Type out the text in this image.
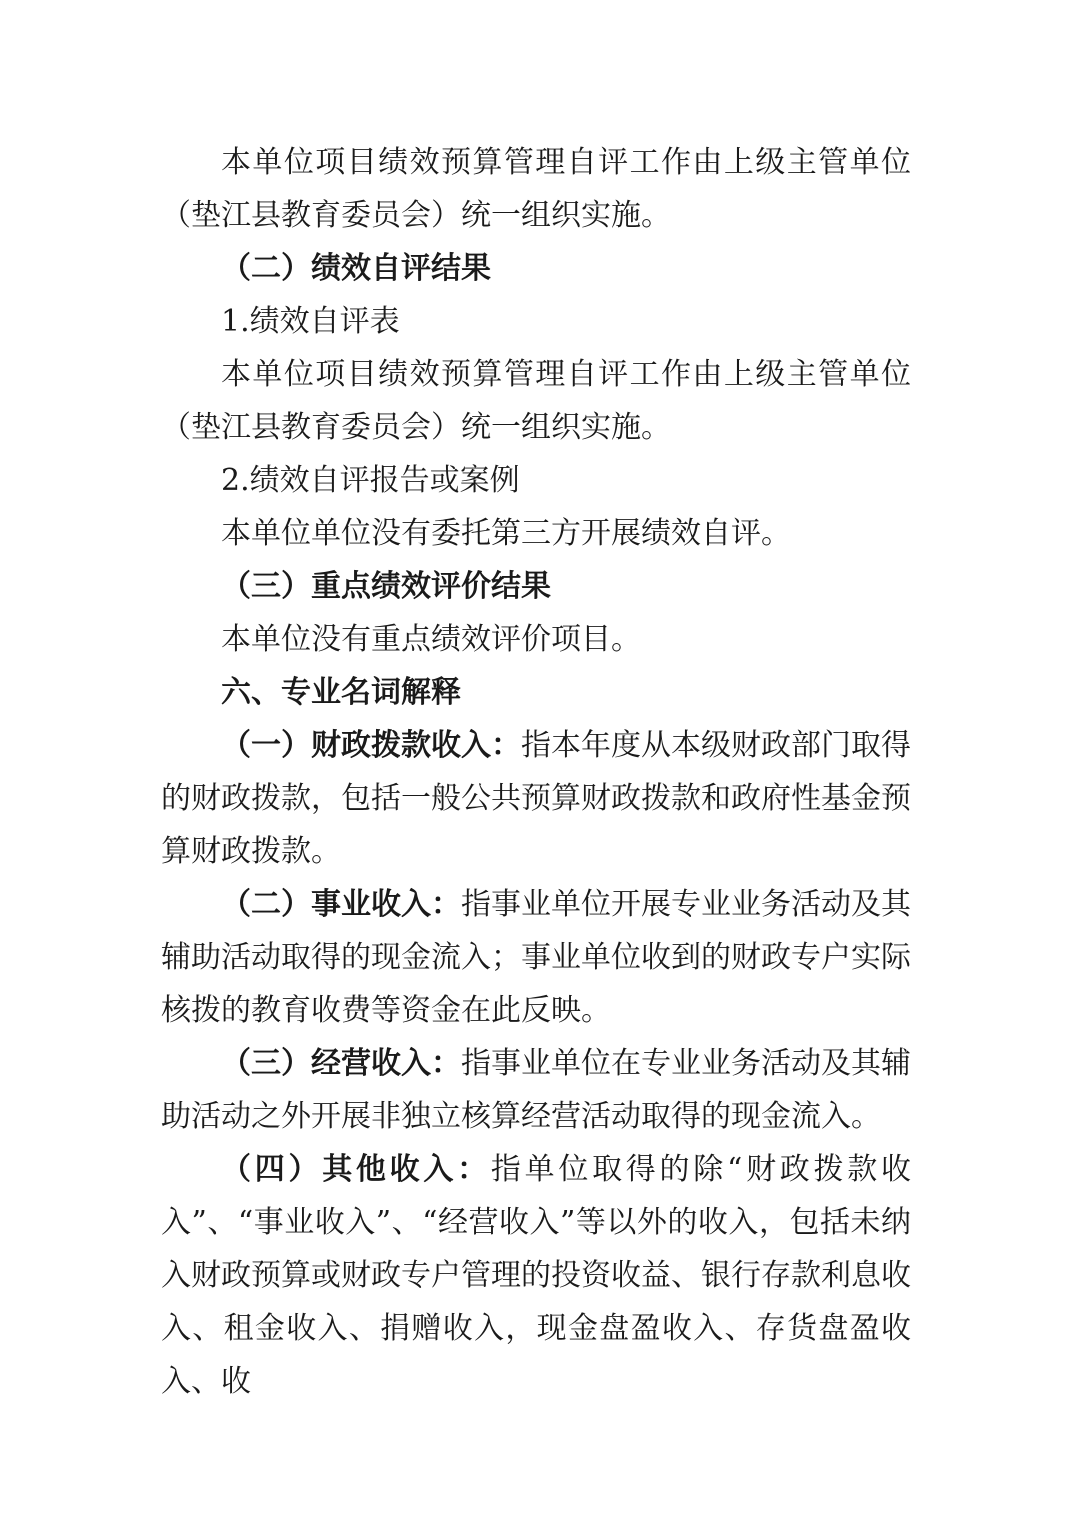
本单位项目绩效预算管理自评工作由上级主管单位（垫江县教育委员会）统一组织实施。

（二）绩效自评结果

1.绩效自评表

本单位项目绩效预算管理自评工作由上级主管单位（垫江县教育委员会）统一组织实施。

2.绩效自评报告或案例

本单位单位没有委托第三方开展绩效自评。

（三）重点绩效评价结果

本单位没有重点绩效评价项目。

六、专业名词解释

（一）财政拨款收入：指本年度从本级财政部门取得的财政拨款，包括一般公共预算财政拨款和政府性基金预算财政拨款。

（二）事业收入：指事业单位开展专业业务活动及其辅助活动取得的现金流入；事业单位收到的财政专户实际核拨的教育收费等资金在此反映。

（三）经营收入：指事业单位在专业业务活动及其辅助活动之外开展非独立核算经营活动取得的现金流入。

（四）其他收入：指单位取得的除“财政拨款收入”、“事业收入”、“经营收入”等以外的收入，包括未纳入财政预算或财政专户管理的投资收益、银行存款利息收入、租金收入、捐赠收入，现金盘盈收入、存货盘盈收入、收
